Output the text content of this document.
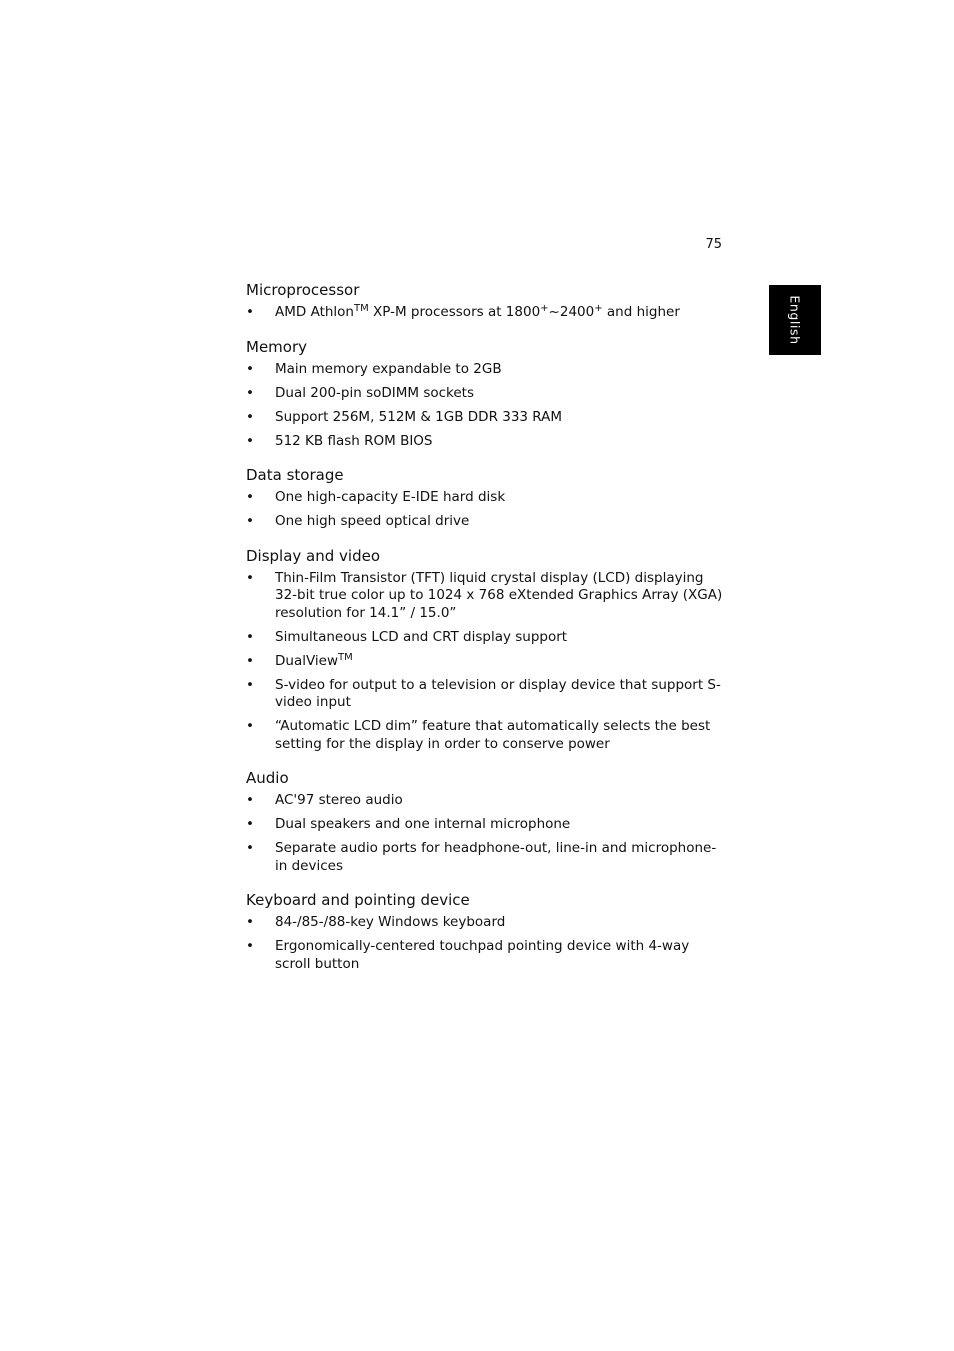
75
English
Microprocessor
• AMD Athlon™ XP-M processors at 1800+~2400+ and higher
Memory
• Main memory expandable to 2GB
• Dual 200-pin soDIMM sockets
• Support 256M, 512M & 1GB DDR 333 RAM
• 512 KB flash ROM BIOS
Data storage
• One high-capacity E-IDE hard disk
• One high speed optical drive
Display and video
• Thin-Film Transistor (TFT) liquid crystal display (LCD) displaying 32-bit true color up to 1024 x 768 eXtended Graphics Array (XGA) resolution for 14.1” / 15.0”
• Simultaneous LCD and CRT display support
• DualView™
• S-video for output to a television or display device that support S-video input
• “Automatic LCD dim” feature that automatically selects the best setting for the display in order to conserve power
Audio
• AC'97 stereo audio
• Dual speakers and one internal microphone
• Separate audio ports for headphone-out, line-in and microphone-in devices
Keyboard and pointing device
• 84-/85-/88-key Windows keyboard
• Ergonomically-centered touchpad pointing device with 4-way scroll button
